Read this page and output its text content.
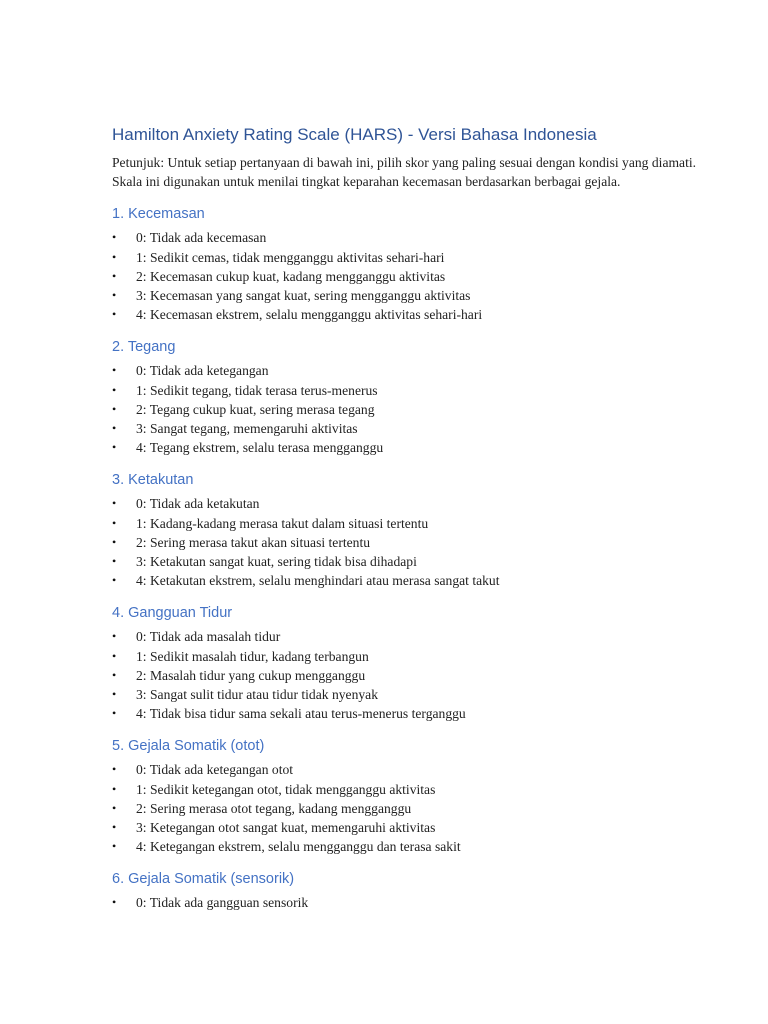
Hamilton Anxiety Rating Scale (HARS) - Versi Bahasa Indonesia

Petunjuk: Untuk setiap pertanyaan di bawah ini, pilih skor yang paling sesuai dengan kondisi yang diamati. Skala ini digunakan untuk menilai tingkat keparahan kecemasan berdasarkan berbagai gejala.

1. Kecemasan
• 0: Tidak ada kecemasan
• 1: Sedikit cemas, tidak mengganggu aktivitas sehari-hari
• 2: Kecemasan cukup kuat, kadang mengganggu aktivitas
• 3: Kecemasan yang sangat kuat, sering mengganggu aktivitas
• 4: Kecemasan ekstrem, selalu mengganggu aktivitas sehari-hari
2. Tegang
• 0: Tidak ada ketegangan
• 1: Sedikit tegang, tidak terasa terus-menerus
• 2: Tegang cukup kuat, sering merasa tegang
• 3: Sangat tegang, memengaruhi aktivitas
• 4: Tegang ekstrem, selalu terasa mengganggu
3. Ketakutan
• 0: Tidak ada ketakutan
• 1: Kadang-kadang merasa takut dalam situasi tertentu
• 2: Sering merasa takut akan situasi tertentu
• 3: Ketakutan sangat kuat, sering tidak bisa dihadapi
• 4: Ketakutan ekstrem, selalu menghindari atau merasa sangat takut
4. Gangguan Tidur
• 0: Tidak ada masalah tidur
• 1: Sedikit masalah tidur, kadang terbangun
• 2: Masalah tidur yang cukup mengganggu
• 3: Sangat sulit tidur atau tidur tidak nyenyak
• 4: Tidak bisa tidur sama sekali atau terus-menerus terganggu
5. Gejala Somatik (otot)
• 0: Tidak ada ketegangan otot
• 1: Sedikit ketegangan otot, tidak mengganggu aktivitas
• 2: Sering merasa otot tegang, kadang mengganggu
• 3: Ketegangan otot sangat kuat, memengaruhi aktivitas
• 4: Ketegangan ekstrem, selalu mengganggu dan terasa sakit
6. Gejala Somatik (sensorik)
• 0: Tidak ada gangguan sensorik
